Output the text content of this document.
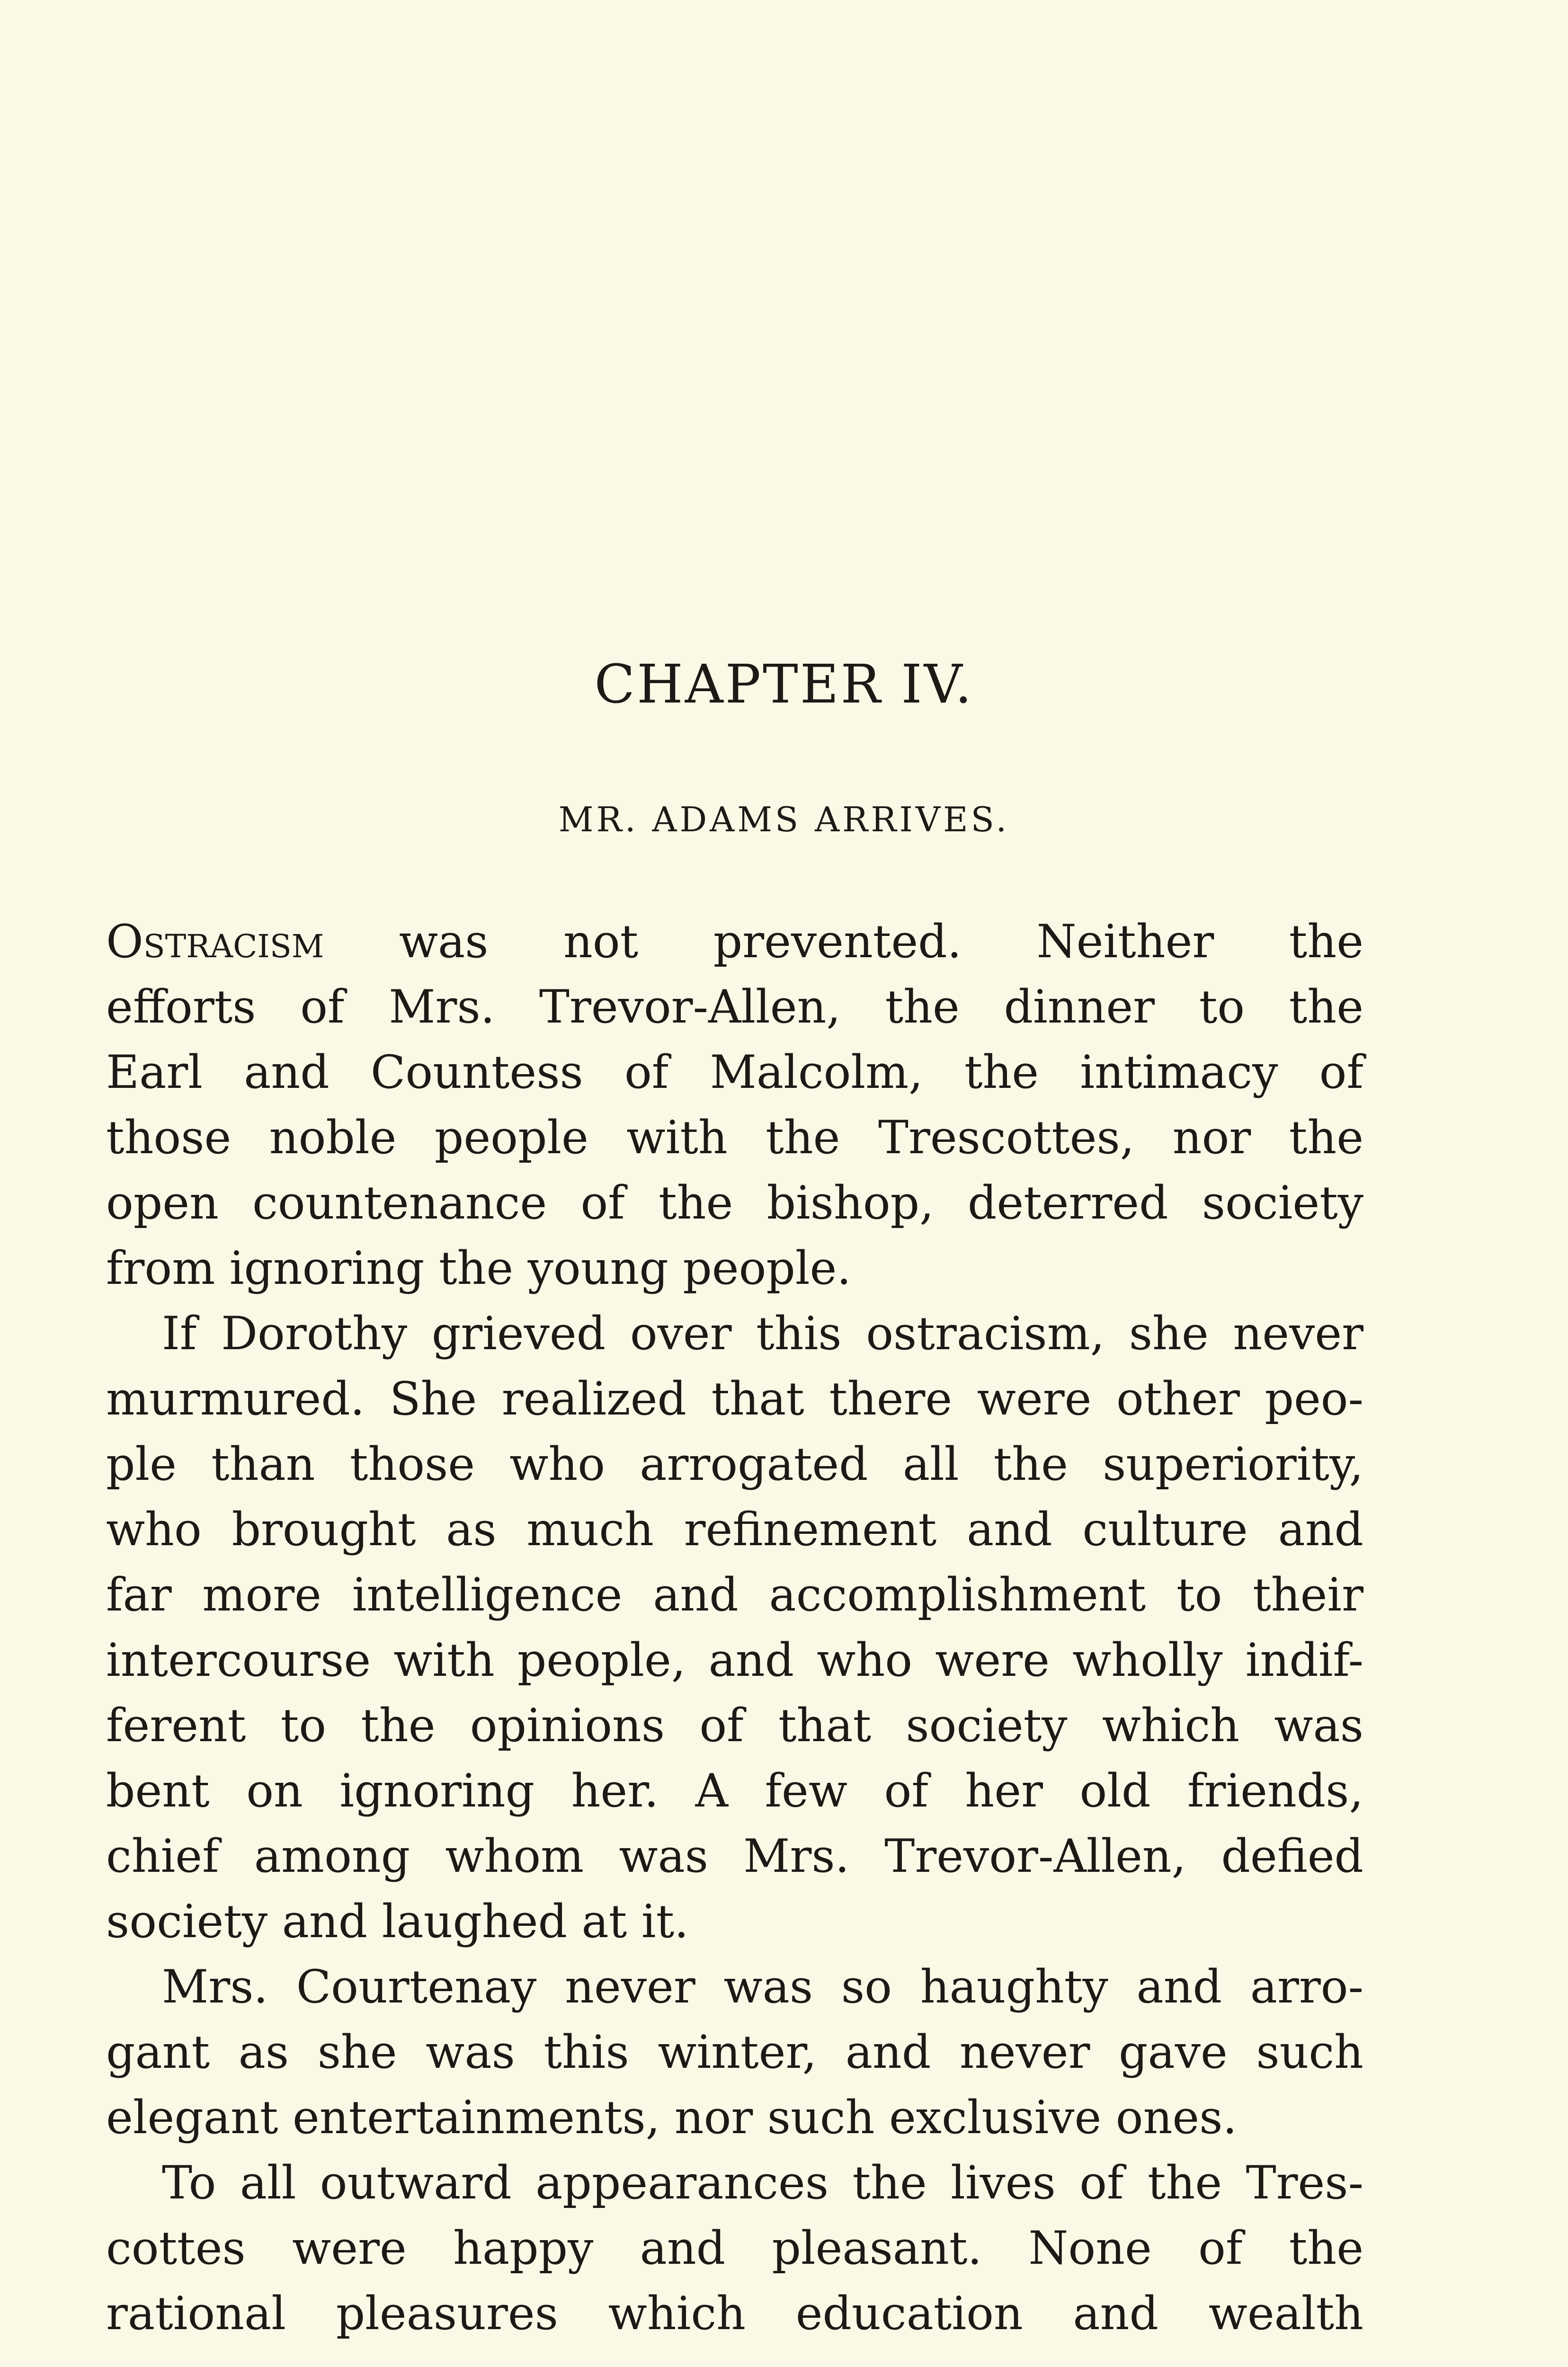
CHAPTER IV.
MR. ADAMS ARRIVES.
Ostracism was not prevented. Neither the
efforts of Mrs. Trevor-Allen, the dinner to the
Earl and Countess of Malcolm, the intimacy of
those noble people with the Trescottes, nor the
open countenance of the bishop, deterred society
from ignoring the young people.
If Dorothy grieved over this ostracism, she never
murmured. She realized that there were other peo-
ple than those who arrogated all the superiority,
who brought as much refinement and culture and
far more intelligence and accomplishment to their
intercourse with people, and who were wholly indif-
ferent to the opinions of that society which was
bent on ignoring her. A few of her old friends,
chief among whom was Mrs. Trevor-Allen, defied
society and laughed at it.
Mrs. Courtenay never was so haughty and arro-
gant as she was this winter, and never gave such
elegant entertainments, nor such exclusive ones.
To all outward appearances the lives of the Tres-
cottes were happy and pleasant. None of the
rational pleasures which education and wealth
